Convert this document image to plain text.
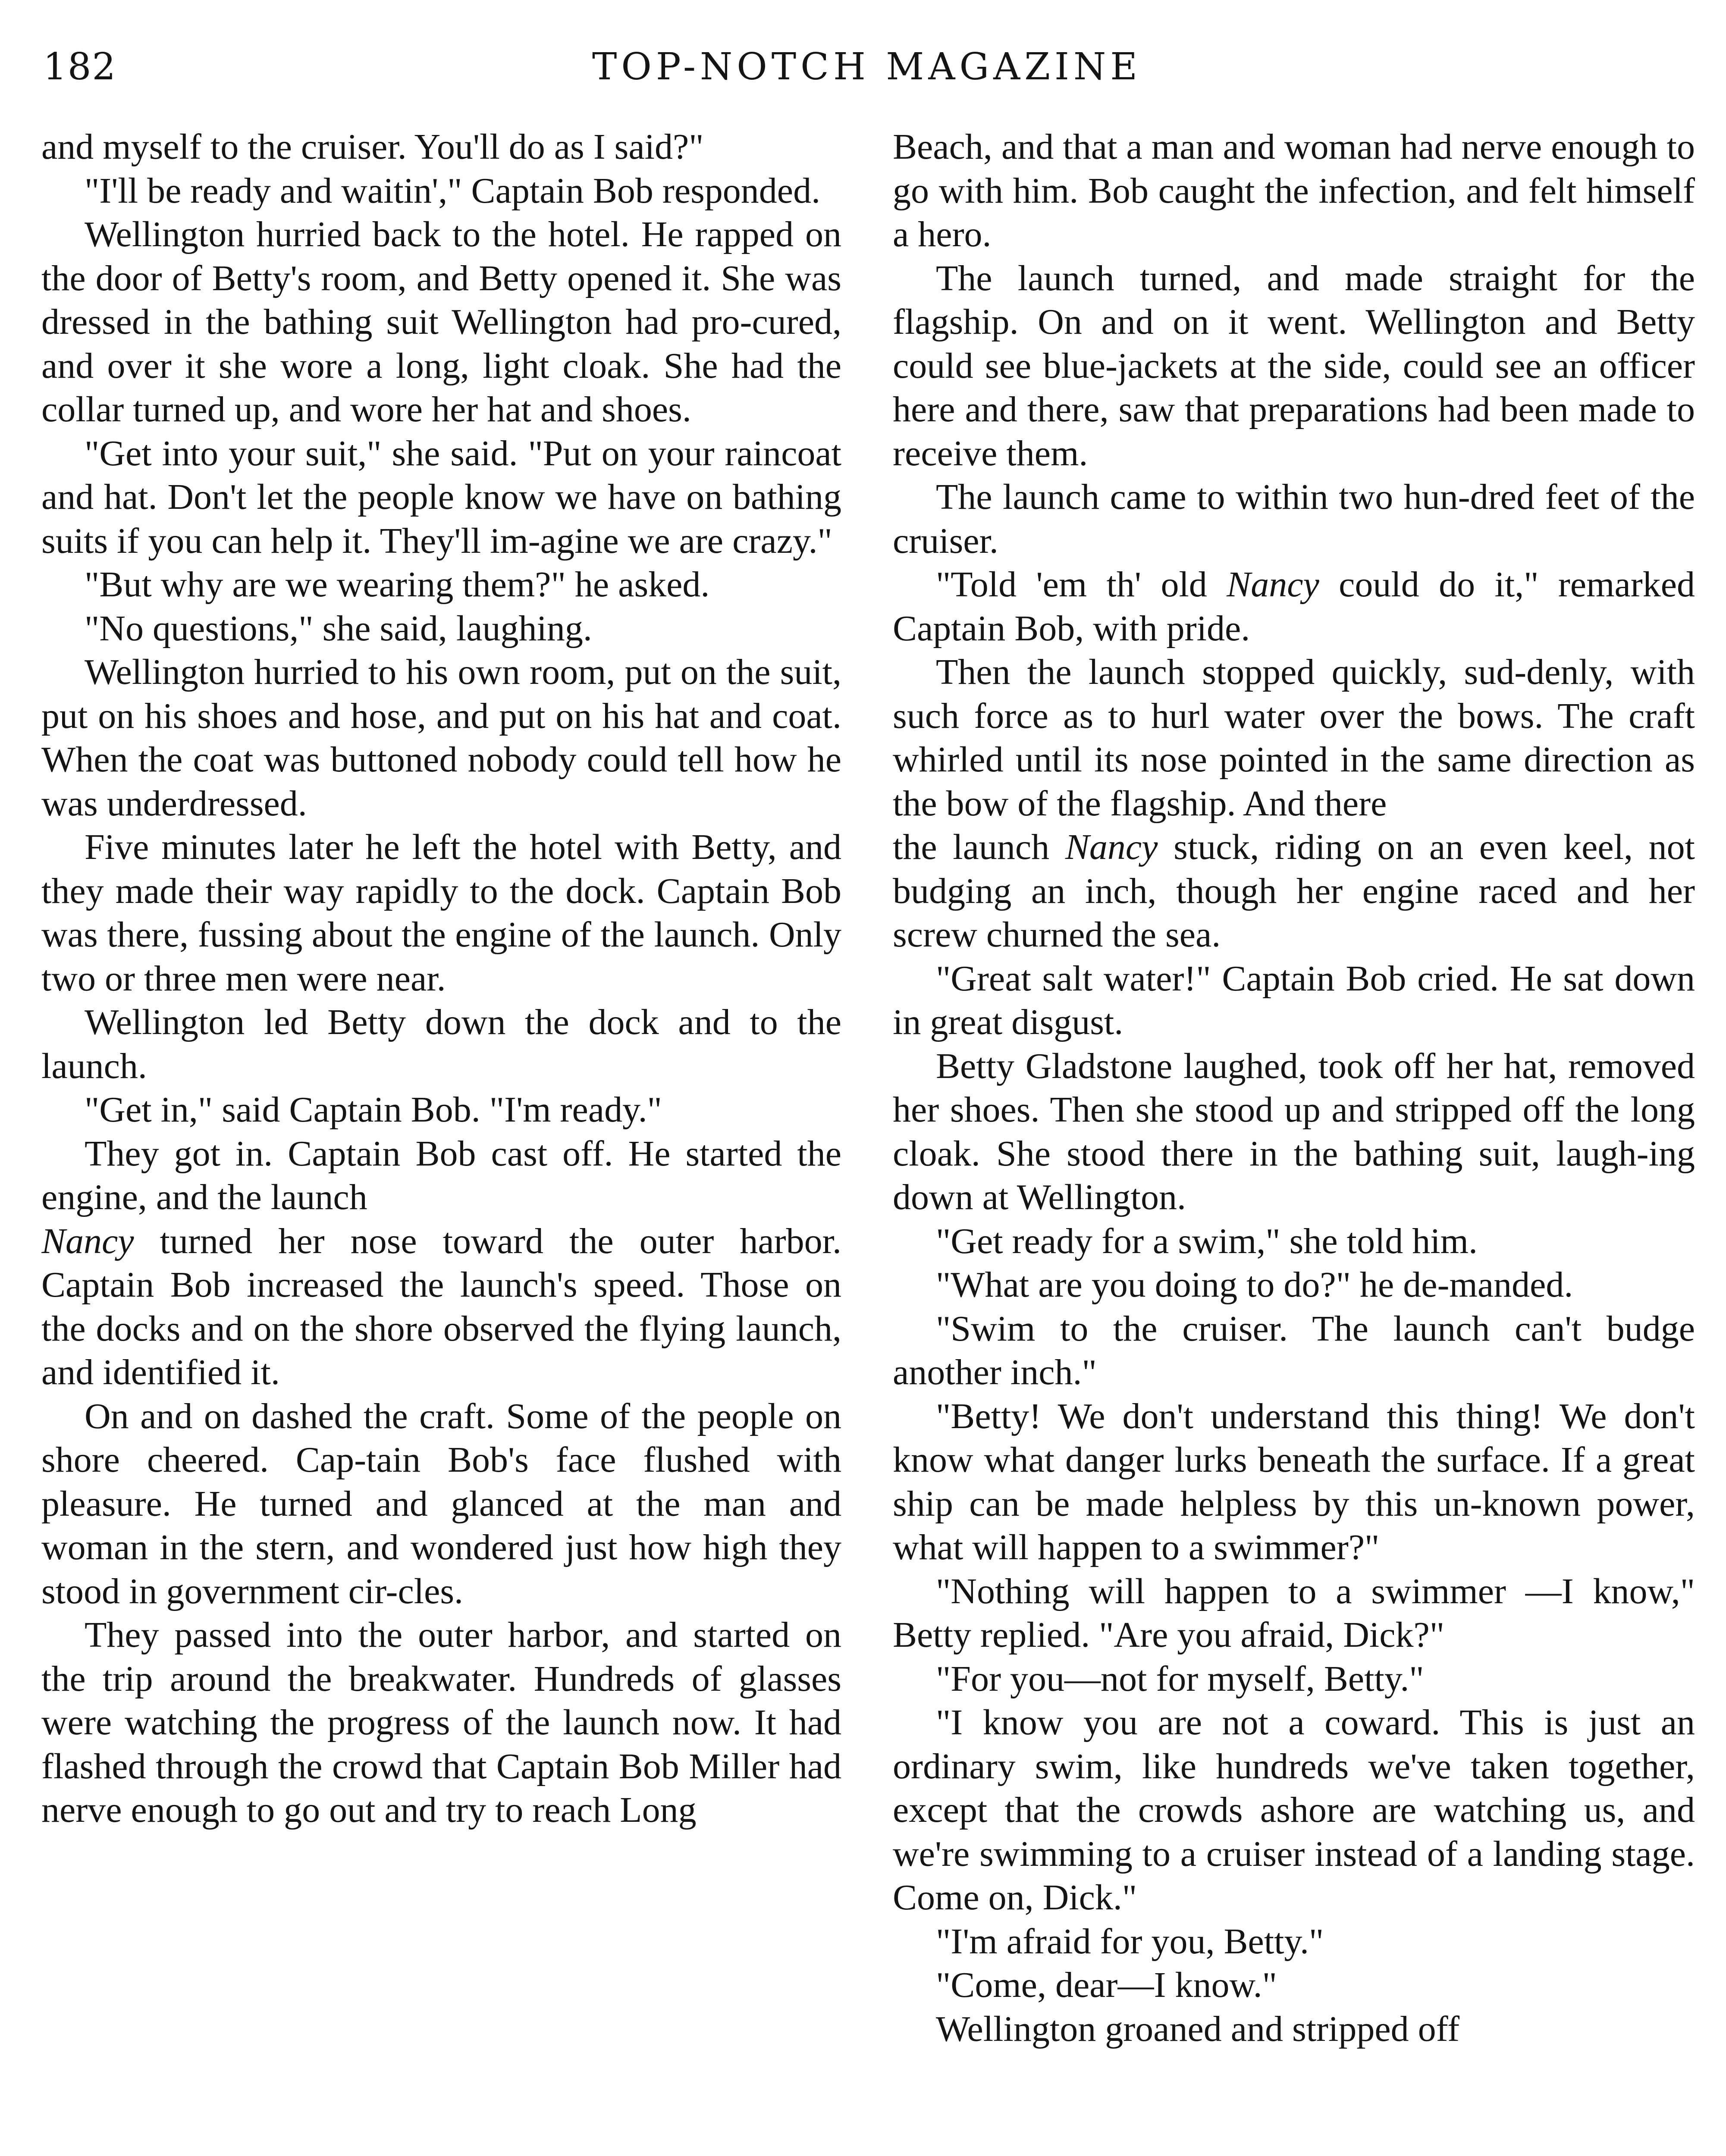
182	TOP-NOTCH MAGAZINE
and myself to the cruiser. You'll do as I said?"
"I'll be ready and waitin'," Captain Bob responded.
Wellington hurried back to the hotel. He rapped on the door of Betty's room, and Betty opened it. She was dressed in the bathing suit Wellington had pro-cured, and over it she wore a long, light cloak. She had the collar turned up, and wore her hat and shoes.
"Get into your suit," she said. "Put on your raincoat and hat. Don't let the people know we have on bathing suits if you can help it. They'll im-agine we are crazy."
"But why are we wearing them?" he asked.
"No questions," she said, laughing.
Wellington hurried to his own room, put on the suit, put on his shoes and hose, and put on his hat and coat. When the coat was buttoned nobody could tell how he was underdressed.
Five minutes later he left the hotel with Betty, and they made their way rapidly to the dock. Captain Bob was there, fussing about the engine of the launch. Only two or three men were near.
Wellington led Betty down the dock and to the launch.
"Get in," said Captain Bob. "I'm ready."
They got in. Captain Bob cast off. He started the engine, and the launch
Nancy turned her nose toward the outer harbor. Captain Bob increased the launch's speed. Those on the docks and on the shore observed the flying launch, and identified it.
On and on dashed the craft. Some of the people on shore cheered. Cap-tain Bob's face flushed with pleasure. He turned and glanced at the man and woman in the stern, and wondered just how high they stood in government cir-cles.
They passed into the outer harbor, and started on the trip around the breakwater. Hundreds of glasses were watching the progress of the launch now. It had flashed through the crowd that Captain Bob Miller had nerve enough to go out and try to reach Long
Beach, and that a man and woman had nerve enough to go with him. Bob caught the infection, and felt himself a hero.
The launch turned, and made straight for the flagship. On and on it went. Wellington and Betty could see blue-jackets at the side, could see an officer here and there, saw that preparations had been made to receive them.
The launch came to within two hun-dred feet of the cruiser.
"Told 'em th' old Nancy could do it," remarked Captain Bob, with pride.
Then the launch stopped quickly, sud-denly, with such force as to hurl water over the bows. The craft whirled until its nose pointed in the same direction as the bow of the flagship. And there
the launch Nancy stuck, riding on an even keel, not budging an inch, though her engine raced and her screw churned the sea.
"Great salt water!" Captain Bob cried. He sat down in great disgust.
Betty Gladstone laughed, took off her hat, removed her shoes. Then she stood up and stripped off the long cloak. She stood there in the bathing suit, laugh-ing down at Wellington.
"Get ready for a swim," she told him.
"What are you doing to do?" he de-manded.
"Swim to the cruiser. The launch can't budge another inch."
"Betty! We don't understand this thing! We don't know what danger lurks beneath the surface. If a great ship can be made helpless by this un-known power, what will happen to a swimmer?"
"Nothing will happen to a swimmer —I know," Betty replied. "Are you afraid, Dick?"
"For you—not for myself, Betty."
"I know you are not a coward. This is just an ordinary swim, like hundreds we've taken together, except that the crowds ashore are watching us, and we're swimming to a cruiser instead of a landing stage. Come on, Dick."
"I'm afraid for you, Betty."
"Come, dear—I know."
Wellington groaned and stripped off
